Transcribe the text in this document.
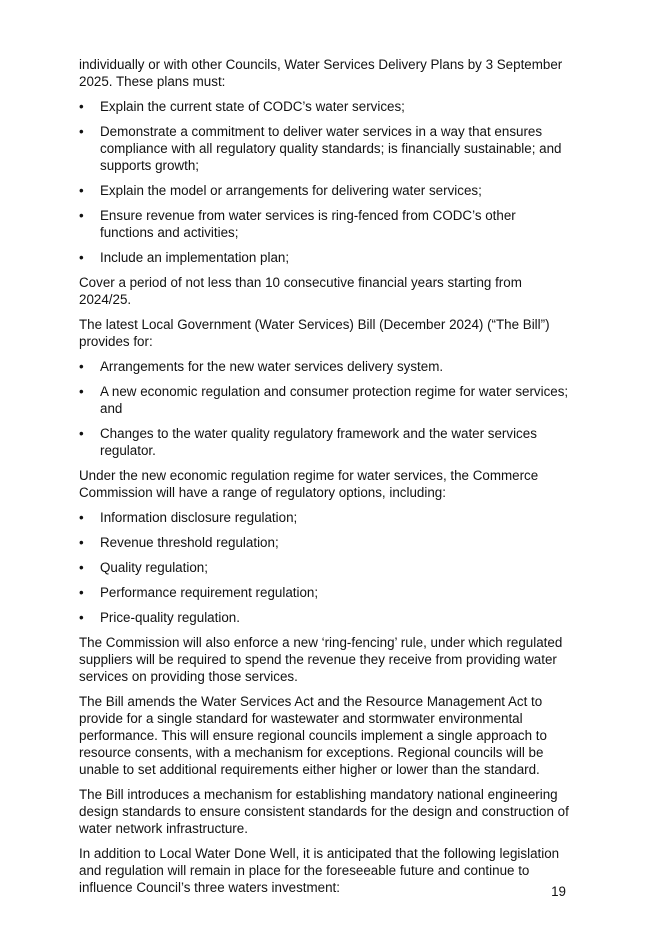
individually or with other Councils, Water Services Delivery Plans by 3 September 2025. These plans must:

• Explain the current state of CODC’s water services;
• Demonstrate a commitment to deliver water services in a way that ensures compliance with all regulatory quality standards; is financially sustainable; and supports growth;
• Explain the model or arrangements for delivering water services;
• Ensure revenue from water services is ring-fenced from CODC’s other functions and activities;
• Include an implementation plan;

Cover a period of not less than 10 consecutive financial years starting from 2024/25.

The latest Local Government (Water Services) Bill (December 2024) (“The Bill”) provides for:

• Arrangements for the new water services delivery system.
• A new economic regulation and consumer protection regime for water services; and
• Changes to the water quality regulatory framework and the water services regulator.

Under the new economic regulation regime for water services, the Commerce Commission will have a range of regulatory options, including:

• Information disclosure regulation;
• Revenue threshold regulation;
• Quality regulation;
• Performance requirement regulation;
• Price-quality regulation.

The Commission will also enforce a new ‘ring-fencing’ rule, under which regulated suppliers will be required to spend the revenue they receive from providing water services on providing those services.

The Bill amends the Water Services Act and the Resource Management Act to provide for a single standard for wastewater and stormwater environmental performance. This will ensure regional councils implement a single approach to resource consents, with a mechanism for exceptions. Regional councils will be unable to set additional requirements either higher or lower than the standard.

The Bill introduces a mechanism for establishing mandatory national engineering design standards to ensure consistent standards for the design and construction of water network infrastructure.

In addition to Local Water Done Well, it is anticipated that the following legislation and regulation will remain in place for the foreseeable future and continue to influence Council’s three waters investment:	19
